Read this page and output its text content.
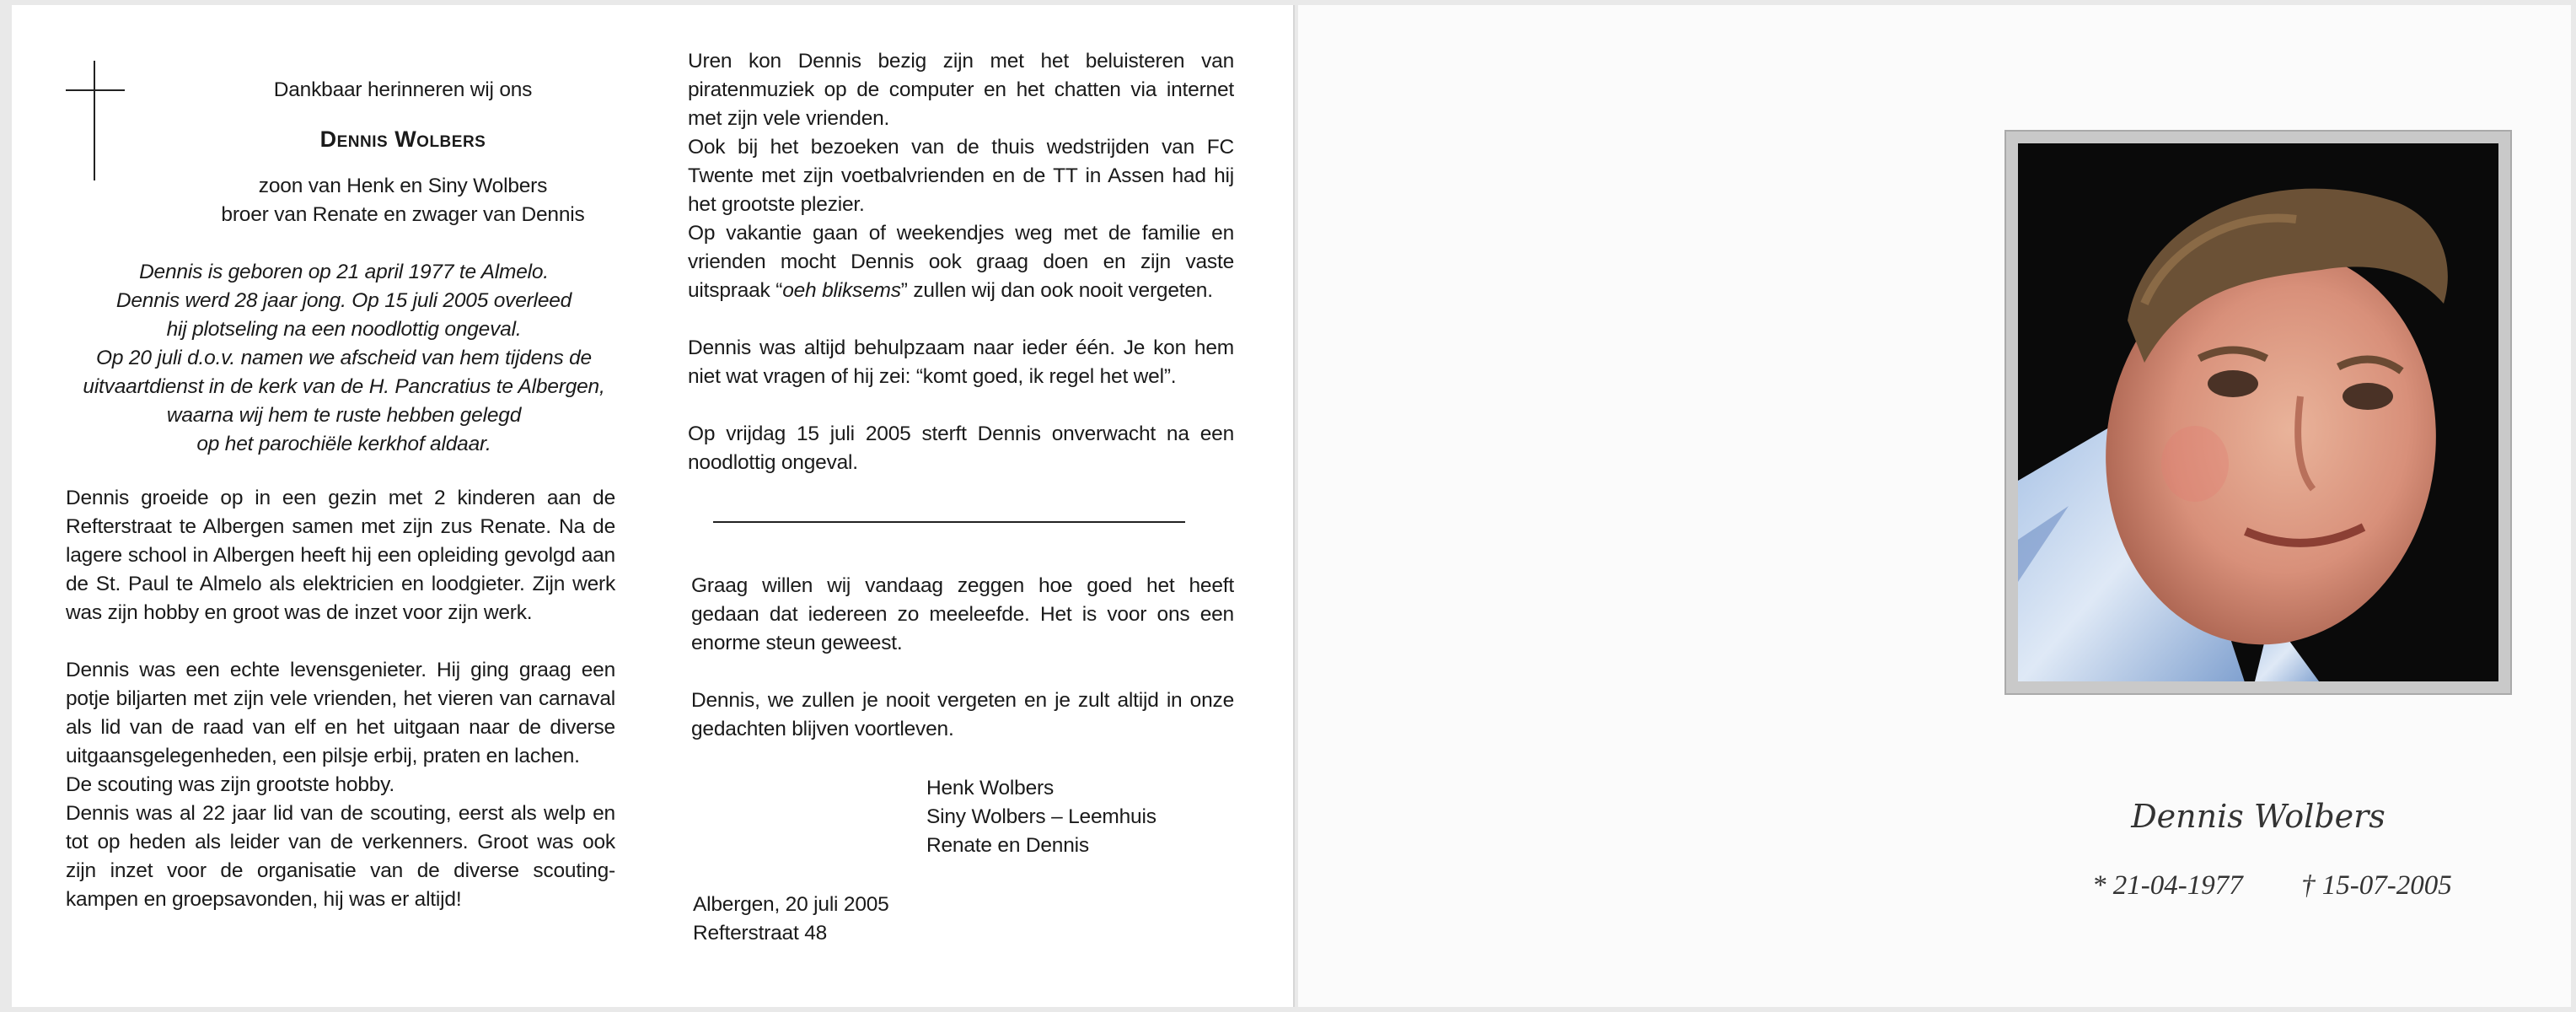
Dankbaar herinneren wij ons

Dennis Wolbers

zoon van Henk en Siny Wolbers

broer van Renate en zwager van Dennis

Dennis is geboren op 21 april 1977 te Almelo.

Dennis werd 28 jaar jong. Op 15 juli 2005 overleed

hij plotseling na een noodlottig ongeval.

Op 20 juli d.o.v. namen we afscheid van hem tijdens de

uitvaartdienst in de kerk van de H. Pancratius te Albergen,

waarna wij hem te ruste hebben gelegd

op het parochiële kerkhof aldaar.

Dennis groeide op in een gezin met 2 kinderen aan de Refterstraat te Albergen samen met zijn zus Renate. Na de lagere school in Albergen heeft hij een opleiding gevolgd aan de St. Paul te Almelo als elektricien en loodgieter. Zijn werk was zijn hobby en groot was de inzet voor zijn werk.
Dennis was een echte levensgenieter. Hij ging graag een potje biljarten met zijn vele vrienden, het vieren van carnaval als lid van de raad van elf en het uitgaan naar de diverse uitgaansgelegenheden, een pilsje erbij, praten en lachen.
De scouting was zijn grootste hobby.
Dennis was al 22 jaar lid van de scouting, eerst als welp en tot op heden als leider van de verkenners. Groot was ook zijn inzet voor de organisatie van de diverse scouting-kampen en groepsavonden, hij was er altijd!
Uren kon Dennis bezig zijn met het beluisteren van piratenmuziek op de computer en het chatten via internet met zijn vele vrienden.
Ook bij het bezoeken van de thuis wedstrijden van FC Twente met zijn voetbalvrienden en de TT in Assen had hij het grootste plezier.
Op vakantie gaan of weekendjes weg met de familie en vrienden mocht Dennis ook graag doen en zijn vaste uitspraak “oeh bliksems” zullen wij dan ook nooit vergeten.
Dennis was altijd behulpzaam naar ieder één. Je kon hem niet wat vragen of hij zei: “komt goed, ik regel het wel”.
Op vrijdag 15 juli 2005 sterft Dennis onverwacht na een noodlottig ongeval.
Graag willen wij vandaag zeggen hoe goed het heeft gedaan dat iedereen zo meeleefde. Het is voor ons een enorme steun geweest.
Dennis, we zullen je nooit vergeten en je zult altijd in onze gedachten blijven voortleven.

Henk Wolbers

Siny Wolbers – Leemhuis

Renate en Dennis

Albergen, 20 juli 2005

Refterstraat 48

Dennis Wolbers
* 21-04-1977 † 15-07-2005
